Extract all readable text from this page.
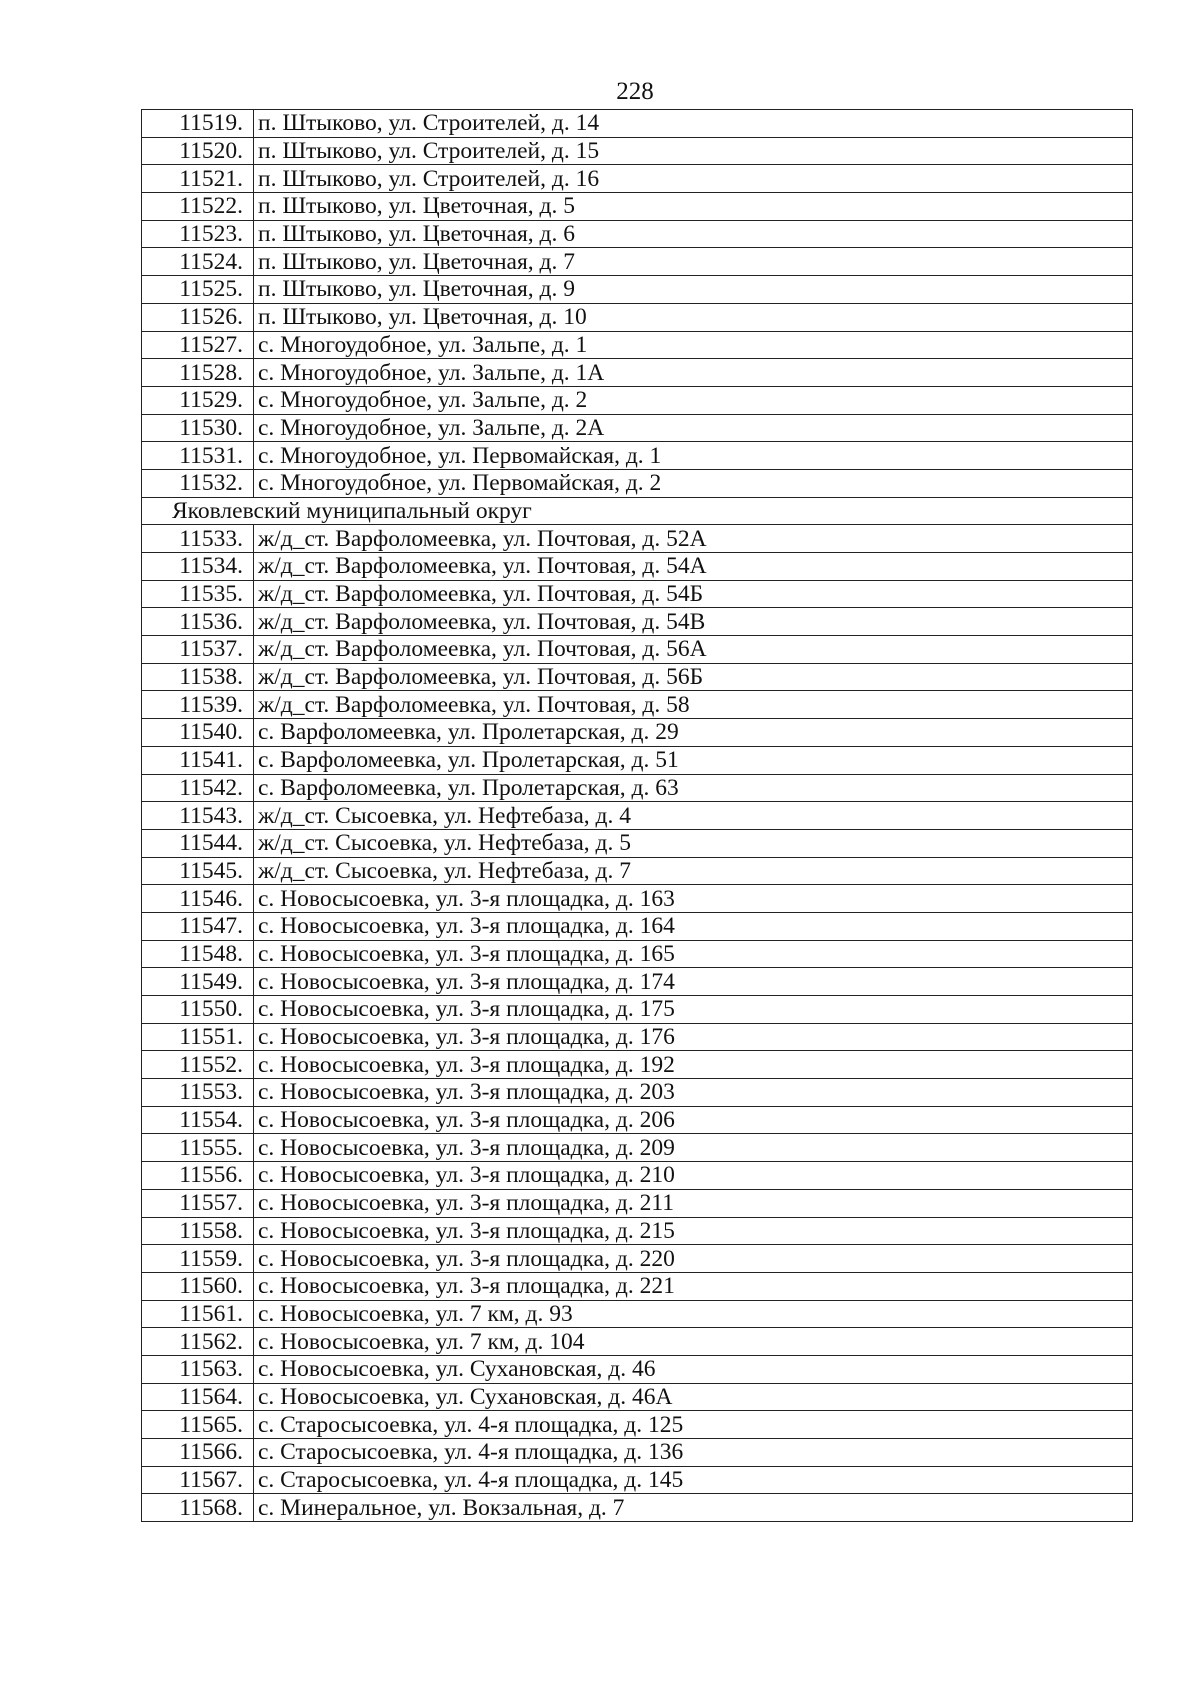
228
11519.	п. Штыково, ул. Строителей, д. 14
11520.	п. Штыково, ул. Строителей, д. 15
11521.	п. Штыково, ул. Строителей, д. 16
11522.	п. Штыково, ул. Цветочная, д. 5
11523.	п. Штыково, ул. Цветочная, д. 6
11524.	п. Штыково, ул. Цветочная, д. 7
11525.	п. Штыково, ул. Цветочная, д. 9
11526.	п. Штыково, ул. Цветочная, д. 10
11527.	с. Многоудобное, ул. Зальпе, д. 1
11528.	с. Многоудобное, ул. Зальпе, д. 1А
11529.	с. Многоудобное, ул. Зальпе, д. 2
11530.	с. Многоудобное, ул. Зальпе, д. 2А
11531.	с. Многоудобное, ул. Первомайская, д. 1
11532.	с. Многоудобное, ул. Первомайская, д. 2
Яковлевский муниципальный округ	
11533.	ж/д_ст. Варфоломеевка, ул. Почтовая, д. 52А
11534.	ж/д_ст. Варфоломеевка, ул. Почтовая, д. 54А
11535.	ж/д_ст. Варфоломеевка, ул. Почтовая, д. 54Б
11536.	ж/д_ст. Варфоломеевка, ул. Почтовая, д. 54В
11537.	ж/д_ст. Варфоломеевка, ул. Почтовая, д. 56А
11538.	ж/д_ст. Варфоломеевка, ул. Почтовая, д. 56Б
11539.	ж/д_ст. Варфоломеевка, ул. Почтовая, д. 58
11540.	с. Варфоломеевка, ул. Пролетарская, д. 29
11541.	с. Варфоломеевка, ул. Пролетарская, д. 51
11542.	с. Варфоломеевка, ул. Пролетарская, д. 63
11543.	ж/д_ст. Сысоевка, ул. Нефтебаза, д. 4
11544.	ж/д_ст. Сысоевка, ул. Нефтебаза, д. 5
11545.	ж/д_ст. Сысоевка, ул. Нефтебаза, д. 7
11546.	с. Новосысоевка, ул. 3-я площадка, д. 163
11547.	с. Новосысоевка, ул. 3-я площадка, д. 164
11548.	с. Новосысоевка, ул. 3-я площадка, д. 165
11549.	с. Новосысоевка, ул. 3-я площадка, д. 174
11550.	с. Новосысоевка, ул. 3-я площадка, д. 175
11551.	с. Новосысоевка, ул. 3-я площадка, д. 176
11552.	с. Новосысоевка, ул. 3-я площадка, д. 192
11553.	с. Новосысоевка, ул. 3-я площадка, д. 203
11554.	с. Новосысоевка, ул. 3-я площадка, д. 206
11555.	с. Новосысоевка, ул. 3-я площадка, д. 209
11556.	с. Новосысоевка, ул. 3-я площадка, д. 210
11557.	с. Новосысоевка, ул. 3-я площадка, д. 211
11558.	с. Новосысоевка, ул. 3-я площадка, д. 215
11559.	с. Новосысоевка, ул. 3-я площадка, д. 220
11560.	с. Новосысоевка, ул. 3-я площадка, д. 221
11561.	с. Новосысоевка, ул. 7 км, д. 93
11562.	с. Новосысоевка, ул. 7 км, д. 104
11563.	с. Новосысоевка, ул. Сухановская, д. 46
11564.	с. Новосысоевка, ул. Сухановская, д. 46А
11565.	с. Старосысоевка, ул. 4-я площадка, д. 125
11566.	с. Старосысоевка, ул. 4-я площадка, д. 136
11567.	с. Старосысоевка, ул. 4-я площадка, д. 145
11568.	с. Минеральное, ул. Вокзальная, д. 7
